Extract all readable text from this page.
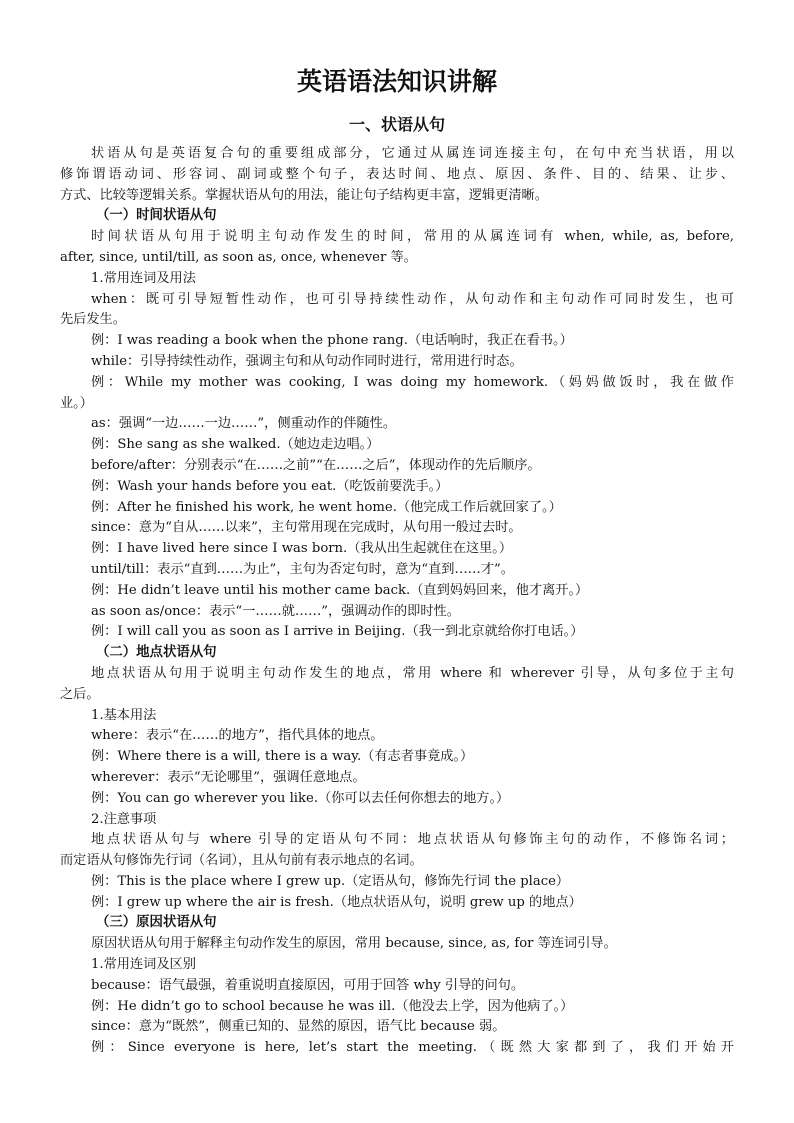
英语语法知识讲解
一、状语从句
状语从句是英语复合句的重要组成部分，它通过从属连词连接主句，在句中充当状语，用以
修饰谓语动词、形容词、副词或整个句子，表达时间、地点、原因、条件、目的、结果、让步、
方式、比较等逻辑关系。掌握状语从句的用法，能让句子结构更丰富，逻辑更清晰。
（一）时间状语从句
时间状语从句用于说明主句动作发生的时间，常用的从属连词有 when, while, as, before,
after, since, until/till, as soon as, once, whenever 等。
1.常用连词及用法
when：既可引导短暂性动作，也可引导持续性动作，从句动作和主句动作可同时发生，也可
先后发生。
例：I was reading a book when the phone rang.（电话响时，我正在看书。）
while：引导持续性动作，强调主句和从句动作同时进行，常用进行时态。
例：While my mother was cooking, I was doing my homework.（妈妈做饭时，我在做作
业。）
as：强调“一边……一边……”，侧重动作的伴随性。
例：She sang as she walked.（她边走边唱。）
before/after：分别表示“在……之前”“在……之后”，体现动作的先后顺序。
例：Wash your hands before you eat.（吃饭前要洗手。）
例：After he finished his work, he went home.（他完成工作后就回家了。）
since：意为“自从……以来”，主句常用现在完成时，从句用一般过去时。
例：I have lived here since I was born.（我从出生起就住在这里。）
until/till：表示“直到……为止”，主句为否定句时，意为“直到……才”。
例：He didn’t leave until his mother came back.（直到妈妈回来，他才离开。）
as soon as/once：表示“一……就……”，强调动作的即时性。
例：I will call you as soon as I arrive in Beijing.（我一到北京就给你打电话。）
（二）地点状语从句
地点状语从句用于说明主句动作发生的地点，常用 where 和 wherever 引导，从句多位于主句
之后。
1.基本用法
where：表示“在……的地方”，指代具体的地点。
例：Where there is a will, there is a way.（有志者事竟成。）
wherever：表示“无论哪里”，强调任意地点。
例：You can go wherever you like.（你可以去任何你想去的地方。）
2.注意事项
地点状语从句与 where 引导的定语从句不同：地点状语从句修饰主句的动作，不修饰名词；
而定语从句修饰先行词（名词），且从句前有表示地点的名词。
例：This is the place where I grew up.（定语从句，修饰先行词 the place）
例：I grew up where the air is fresh.（地点状语从句，说明 grew up 的地点）
（三）原因状语从句
原因状语从句用于解释主句动作发生的原因，常用 because, since, as, for 等连词引导。
1.常用连词及区别
because：语气最强，着重说明直接原因，可用于回答 why 引导的问句。
例：He didn’t go to school because he was ill.（他没去上学，因为他病了。）
since：意为“既然”，侧重已知的、显然的原因，语气比 because 弱。
例：Since everyone is here, let’s start the meeting.（既然大家都到了，我们开始开
